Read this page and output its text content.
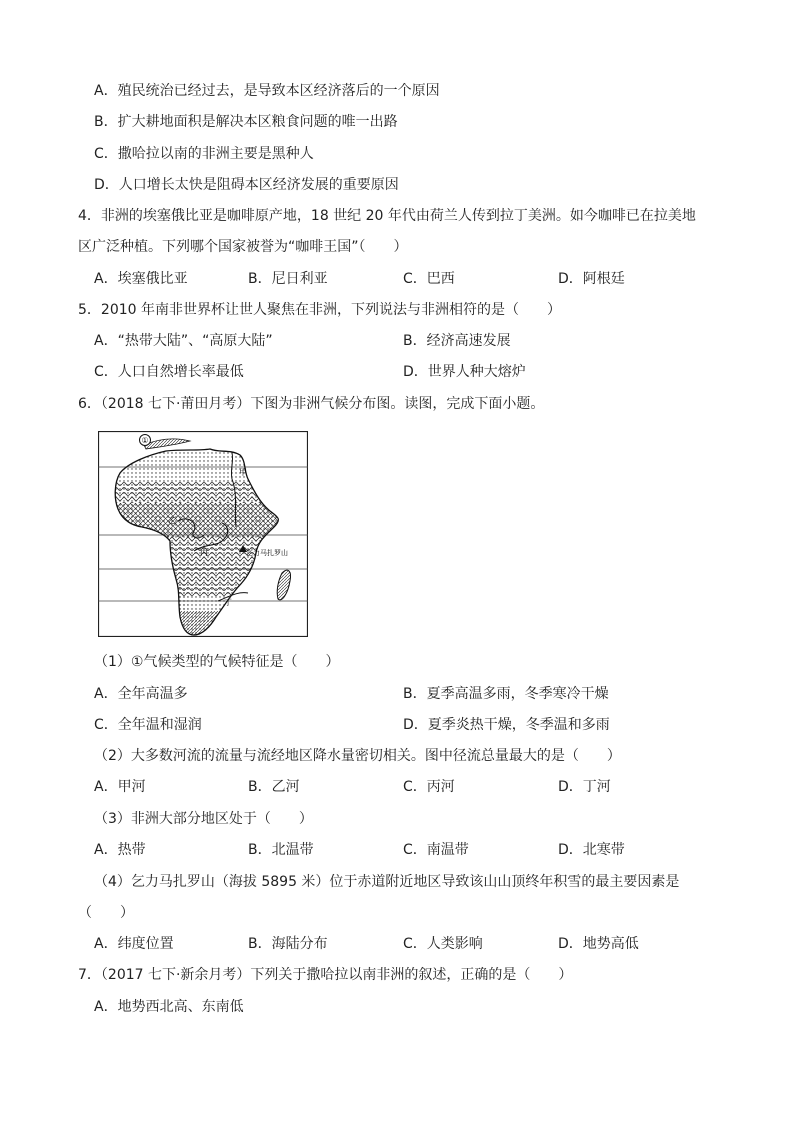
A．殖民统治已经过去，是导致本区经济落后的一个原因
B．扩大耕地面积是解决本区粮食问题的唯一出路
C．撒哈拉以南的非洲主要是黑种人
D．人口增长太快是阻碍本区经济发展的重要原因
4．非洲的埃塞俄比亚是咖啡原产地，18 世纪 20 年代由荷兰人传到拉丁美洲。如今咖啡已在拉美地
区广泛种植。下列哪个国家被誉为“咖啡王国”（　　）
A．埃塞俄比亚	B．尼日利亚	C．巴西	D．阿根廷
5．2010 年南非世界杯让世人聚焦在非洲，下列说法与非洲相符的是（　　）
A．“热带大陆”、“高原大陆”	B．经济高速发展
C．人口自然增长率最低	D．世界人种大熔炉
6．（2018 七下·莆田月考）下图为非洲气候分布图。读图，完成下面小题。
①
甲
乙
丙
丁
乞力马扎罗山
（1）①气候类型的气候特征是（　　）
A．全年高温多	B．夏季高温多雨，冬季寒冷干燥
C．全年温和湿润	D．夏季炎热干燥，冬季温和多雨
（2）大多数河流的流量与流经地区降水量密切相关。图中径流总量最大的是（　　）
A．甲河	B．乙河	C．丙河	D．丁河
（3）非洲大部分地区处于（　　）
A．热带	B．北温带	C．南温带	D．北寒带
（4）乞力马扎罗山（海拔 5895 米）位于赤道附近地区导致该山山顶终年积雪的最主要因素是
（　　）
A．纬度位置	B．海陆分布	C．人类影响	D．地势高低
7．（2017 七下·新余月考）下列关于撒哈拉以南非洲的叙述，正确的是（　　）
A．地势西北高、东南低
